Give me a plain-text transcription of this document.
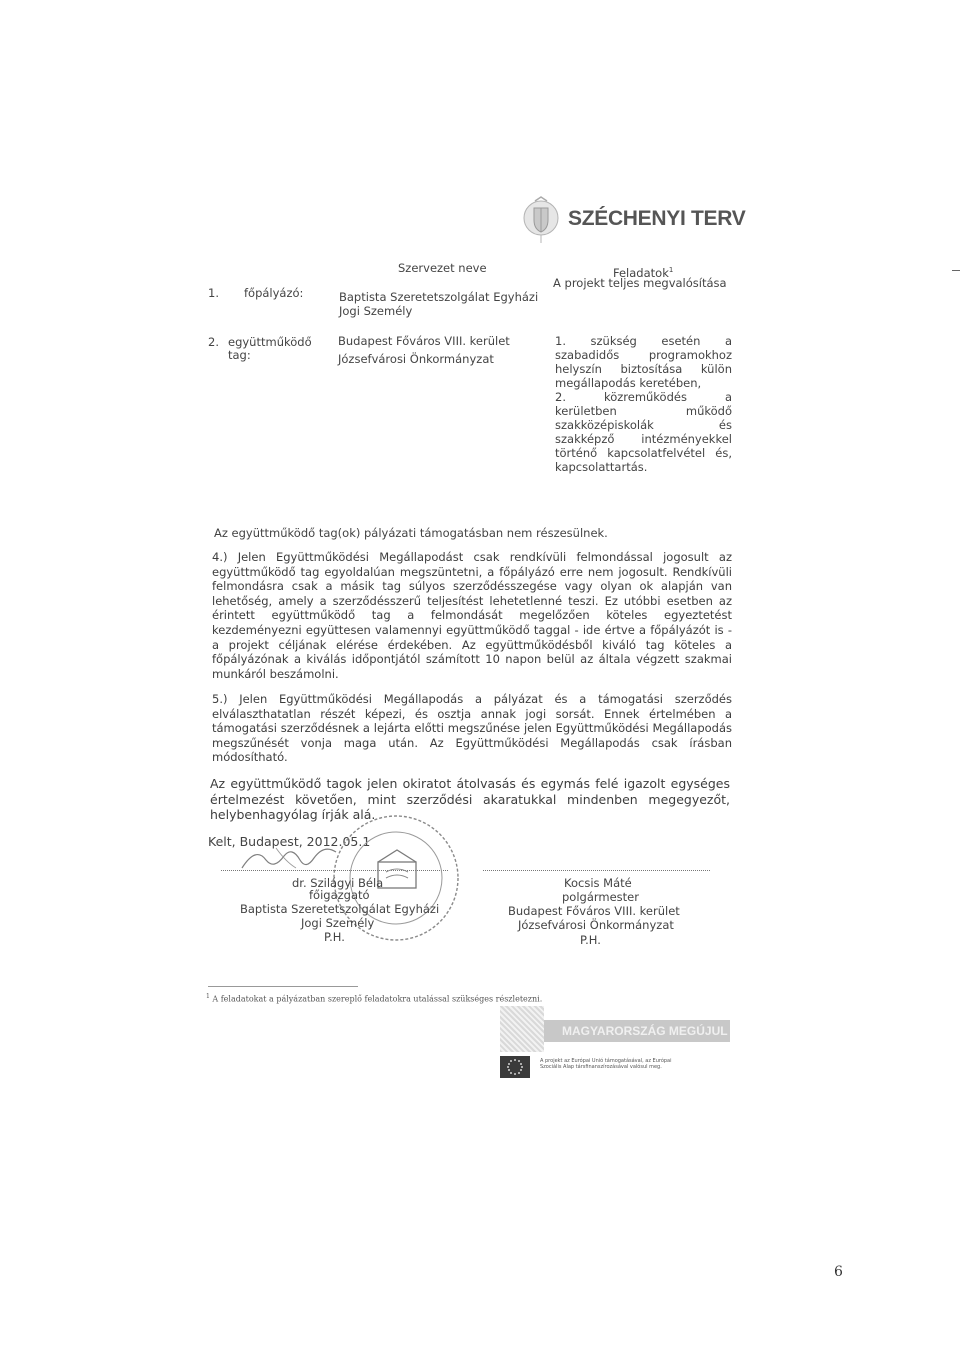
SZÉCHENYI TERV
Szervezet neve	Feladatok$^1$
1. főpályázó:	Baptista Szeretetszolgálat Egyházi
Jogi Személy
A projekt teljes megvalósítása
2. együttműködő
tag:
Budapest Főváros VIII. kerület
Józsefvárosi Önkormányzat
1. szükség esetén a
szabadidős programokhoz
helyszín biztosítása külön
megállapodás keretében,
2. közreműködés a
kerületben működő
szakközépiskolák és
szakképző intézményekkel
történő kapcsolatfelvétel és,
kapcsolattartás.
Az együttműködő tag(ok) pályázati támogatásban nem részesülnek.

4.) Jelen Együttműködési Megállapodást csak rendkívüli felmondással jogosult az együttműködő tag egyoldalúan megszüntetni, a főpályázó erre nem jogosult. Rendkívüli felmondásra csak a másik tag súlyos szerződésszegése vagy olyan ok alapján van lehetőség, amely a szerződésszerű teljesítést lehetetlenné teszi. Ez utóbbi esetben az érintett együttműködő tag a felmondását megelőzően köteles egyeztetést kezdeményezni együttesen valamennyi együttműködő taggal - ide értve a főpályázót is - a projekt céljának elérése érdekében. Az együttműködésből kiváló tag köteles a főpályázónak a kiválás időpontjától számított 10 napon belül az általa végzett szakmai munkáról beszámolni.

5.) Jelen Együttműködési Megállapodás a pályázat és a támogatási szerződés elválaszthatatlan részét képezi, és osztja annak jogi sorsát. Ennek értelmében a támogatási szerződésnek a lejárta előtti megszűnése jelen Együttműködési Megállapodás megszűnését vonja maga után. Az Együttműködési Megállapodás csak írásban módosítható.

Az együttműködő tagok jelen okiratot átolvasás és egymás felé igazolt egységes értelmezést követően, mint szerződési akaratukkal mindenben megegyezőt, helybenhagyólag írják alá.

Kelt, Budapest, 2012.05.1
dr. Szilágyi Béla
főigazgató
Baptista Szeretetszolgálat Egyházi
Jogi Személy
P.H.
Kocsis Máté
polgármester
Budapest Főváros VIII. kerület
Józsefvárosi Önkormányzat
P.H.
$^1$ A feladatokat a pályázatban szereplő feladatokra utalással szükséges részletezni.
MAGYARORSZÁG MEGÚJUL
A projekt az Európai Unió támogatásával, az Európai
Szociális Alap társfinanszírozásával valósul meg.
6
